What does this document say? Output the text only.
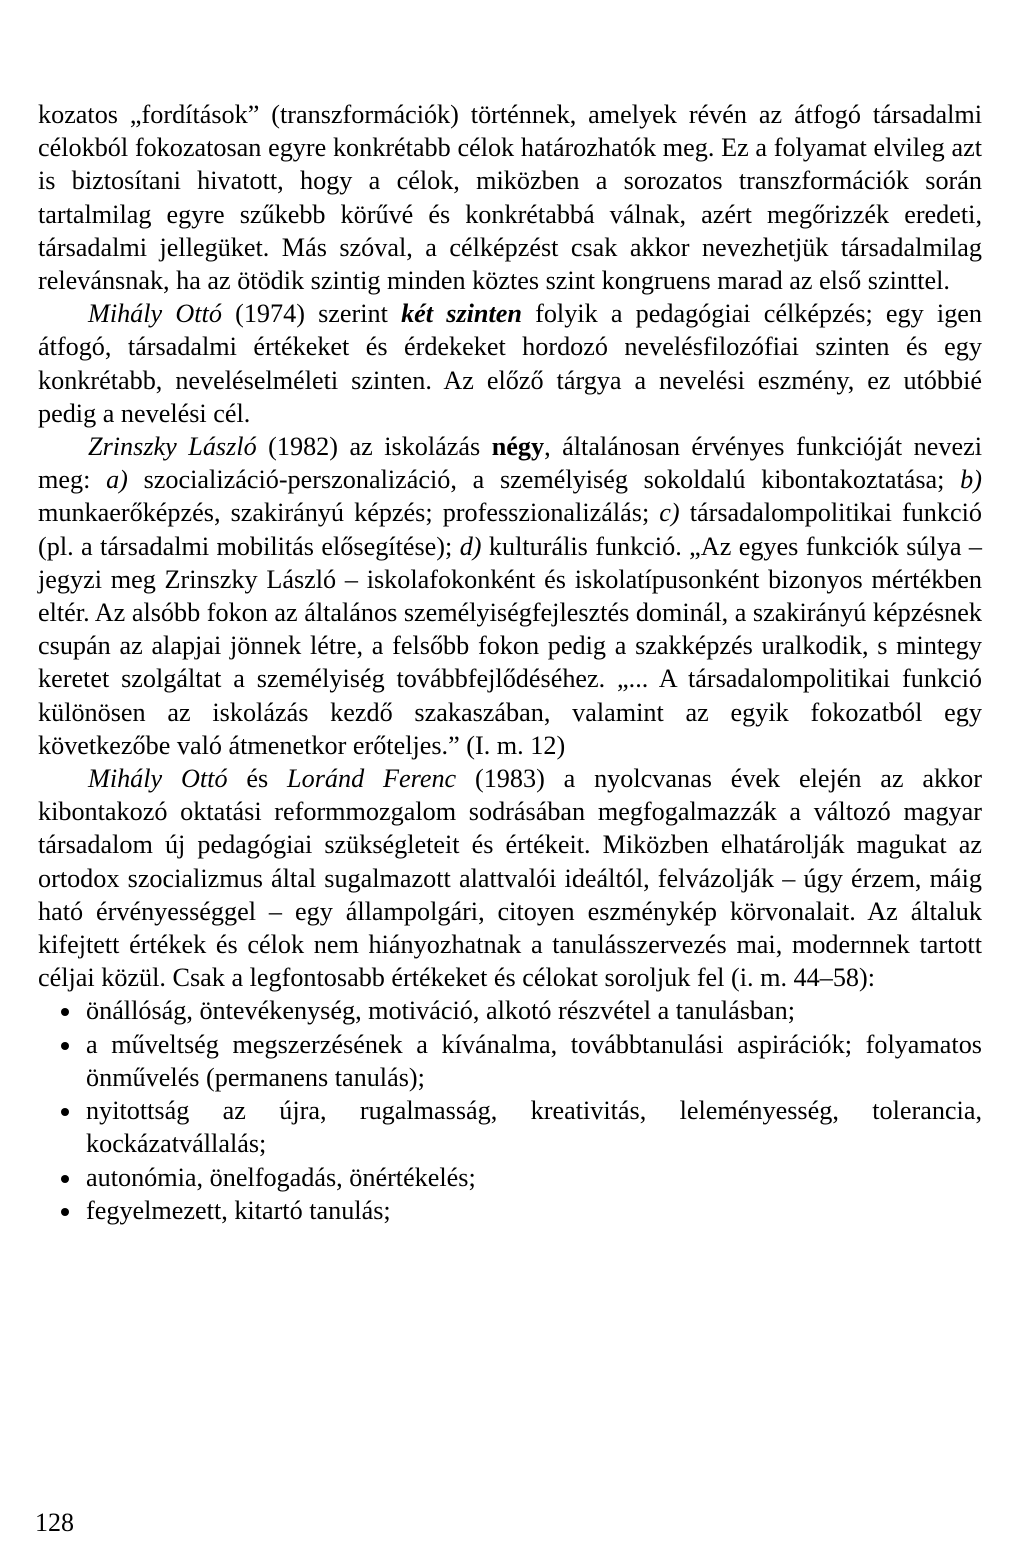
kozatos „fordítások” (transzformációk) történnek, amelyek révén az átfogó társadalmi célokból fokozatosan egyre konkrétabb célok határozhatók meg. Ez a folyamat elvileg azt is biztosítani hivatott, hogy a célok, miközben a sorozatos transzformációk során tartalmilag egyre szűkebb körűvé és konkrétabbá válnak, azért megőrizzék eredeti, társadalmi jellegüket. Más szóval, a célképzést csak akkor nevezhetjük társadalmilag relevánsnak, ha az ötödik szintig minden köztes szint kongruens marad az első szinttel.

Mihály Ottó (1974) szerint két szinten folyik a pedagógiai célképzés; egy igen átfogó, társadalmi értékeket és érdekeket hordozó nevelésfilozófiai szinten és egy konkrétabb, neveléselméleti szinten. Az előző tárgya a nevelési eszmény, ez utóbbié pedig a nevelési cél.

Zrinszky László (1982) az iskolázás négy, általánosan érvényes funkcióját nevezi meg: a) szocializáció-perszonalizáció, a személyiség sokoldalú kibontakoztatása; b) munkaerőképzés, szakirányú képzés; professzionalizálás; c) társadalompolitikai funkció (pl. a társadalmi mobilitás elősegítése); d) kulturális funkció. „Az egyes funkciók súlya – jegyzi meg Zrinszky László – iskolafokonként és iskolatípusonként bizonyos mértékben eltér. Az alsóbb fokon az általános személyiségfejlesztés dominál, a szakirányú képzésnek csupán az alapjai jönnek létre, a felsőbb fokon pedig a szakképzés uralkodik, s mintegy keretet szolgáltat a személyiség továbbfejlődéséhez. „... A társadalompolitikai funkció különösen az iskolázás kezdő szakaszában, valamint az egyik fokozatból egy következőbe való átmenetkor erőteljes.” (I. m. 12)

Mihály Ottó és Loránd Ferenc (1983) a nyolcvanas évek elején az akkor kibontakozó oktatási reformmozgalom sodrásában megfogalmazzák a változó magyar társadalom új pedagógiai szükségleteit és értékeit. Miközben elhatárolják magukat az ortodox szocializmus által sugalmazott alattvalói ideáltól, felvázolják – úgy érzem, máig ható érvényességgel – egy állampolgári, citoyen eszménykép körvonalait. Az általuk kifejtett értékek és célok nem hiányozhatnak a tanulásszervezés mai, modernnek tartott céljai közül. Csak a legfontosabb értékeket és célokat soroljuk fel (i. m. 44–58):

önállóság, öntevékenység, motiváció, alkotó részvétel a tanulásban;
a műveltség megszerzésének a kívánalma, továbbtanulási aspirációk; folyamatos önművelés (permanens tanulás);
nyitottság az újra, rugalmasság, kreativitás, leleményesség, tolerancia, kockázatvállalás;
autonómia, önelfogadás, önértékelés;
fegyelmezett, kitartó tanulás;
128
